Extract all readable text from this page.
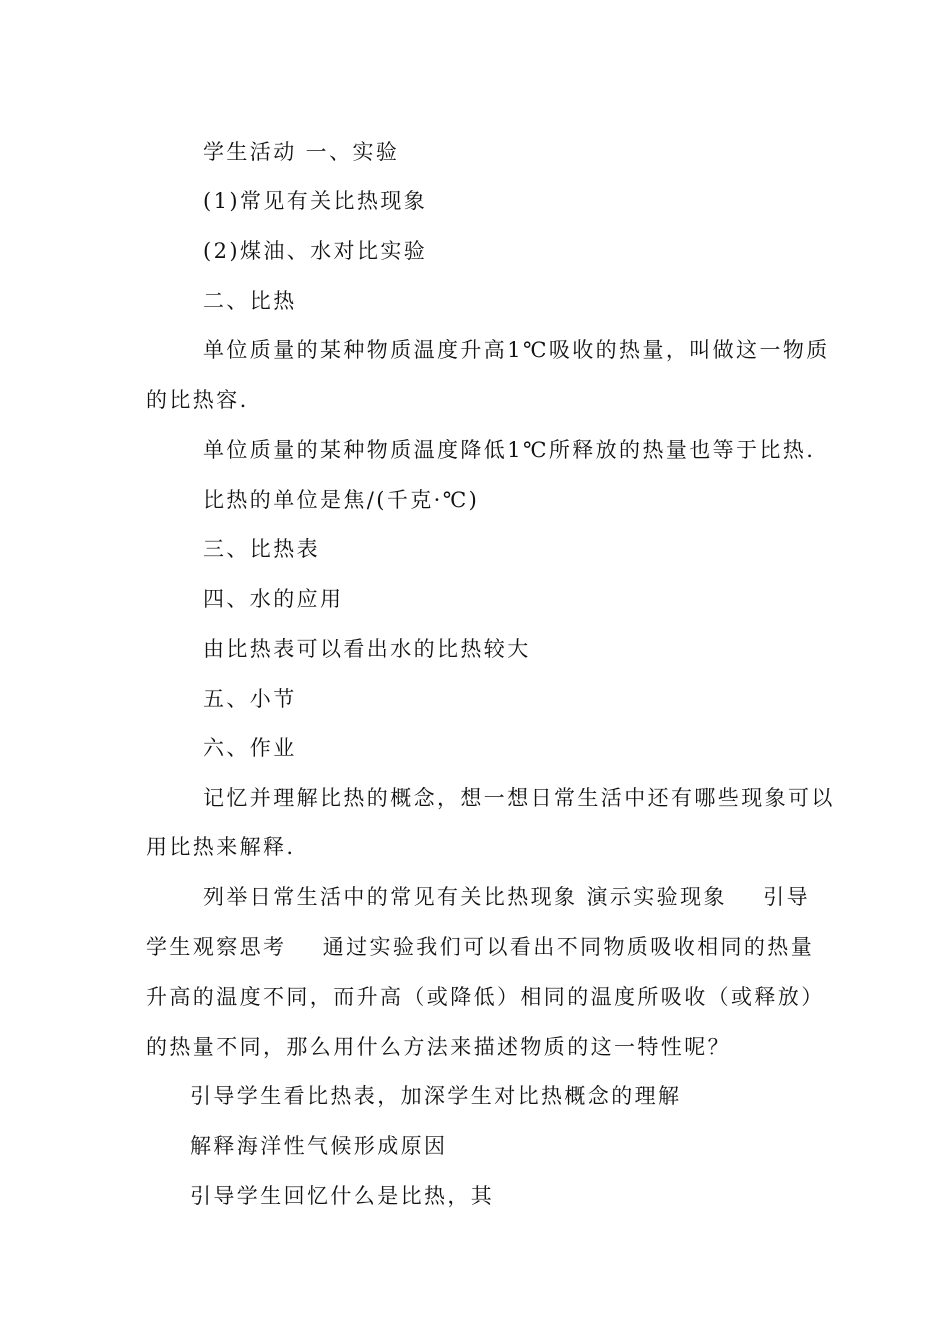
学生活动 一、实验
(1)常见有关比热现象
(2)煤油、水对比实验
二、比热
单位质量的某种物质温度升高1℃吸收的热量，叫做这一物质
的比热容.
单位质量的某种物质温度降低1℃所释放的热量也等于比热.
比热的单位是焦/(千克·℃)
三、比热表
四、水的应用
由比热表可以看出水的比热较大
五、小节
六、作业
记忆并理解比热的概念，想一想日常生活中还有哪些现象可以
用比热来解释.
列举日常生活中的常见有关比热现象 演示实验现象    引导
学生观察思考    通过实验我们可以看出不同物质吸收相同的热量
升高的温度不同，而升高（或降低）相同的温度所吸收（或释放）
的热量不同，那么用什么方法来描述物质的这一特性呢？
引导学生看比热表，加深学生对比热概念的理解
解释海洋性气候形成原因
引导学生回忆什么是比热，其
